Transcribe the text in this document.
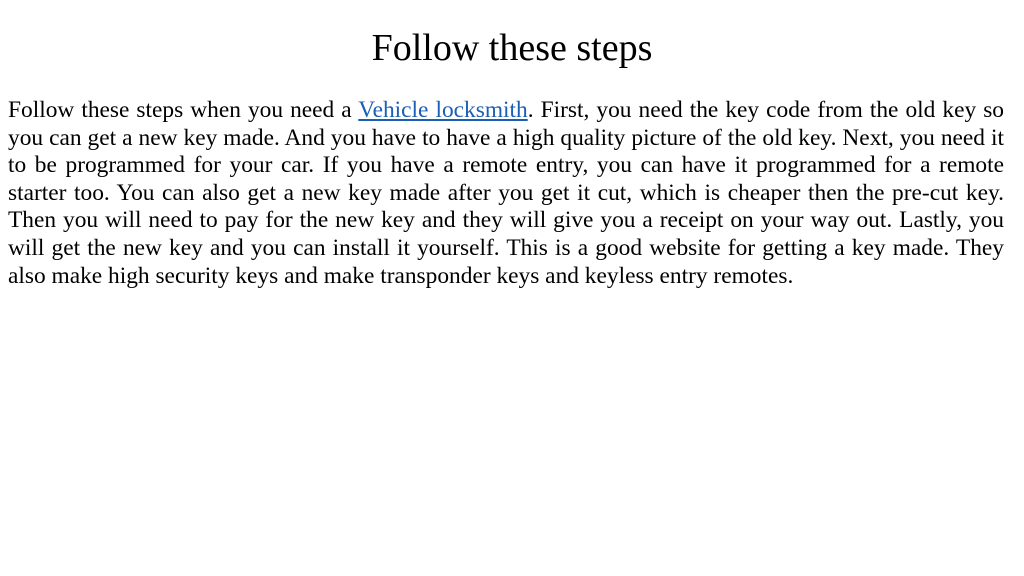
Follow these steps

Follow these steps when you need a Vehicle locksmith. First, you need the key code from the old key so you can get a new key made. And you have to have a high quality picture of the old key. Next, you need it to be programmed for your car. If you have a remote entry, you can have it programmed for a remote starter too. You can also get a new key made after you get it cut, which is cheaper then the pre-cut key. Then you will need to pay for the new key and they will give you a receipt on your way out. Lastly, you will get the new key and you can install it yourself. This is a good website for getting a key made. They also make high security keys and make transponder keys and keyless entry remotes.
